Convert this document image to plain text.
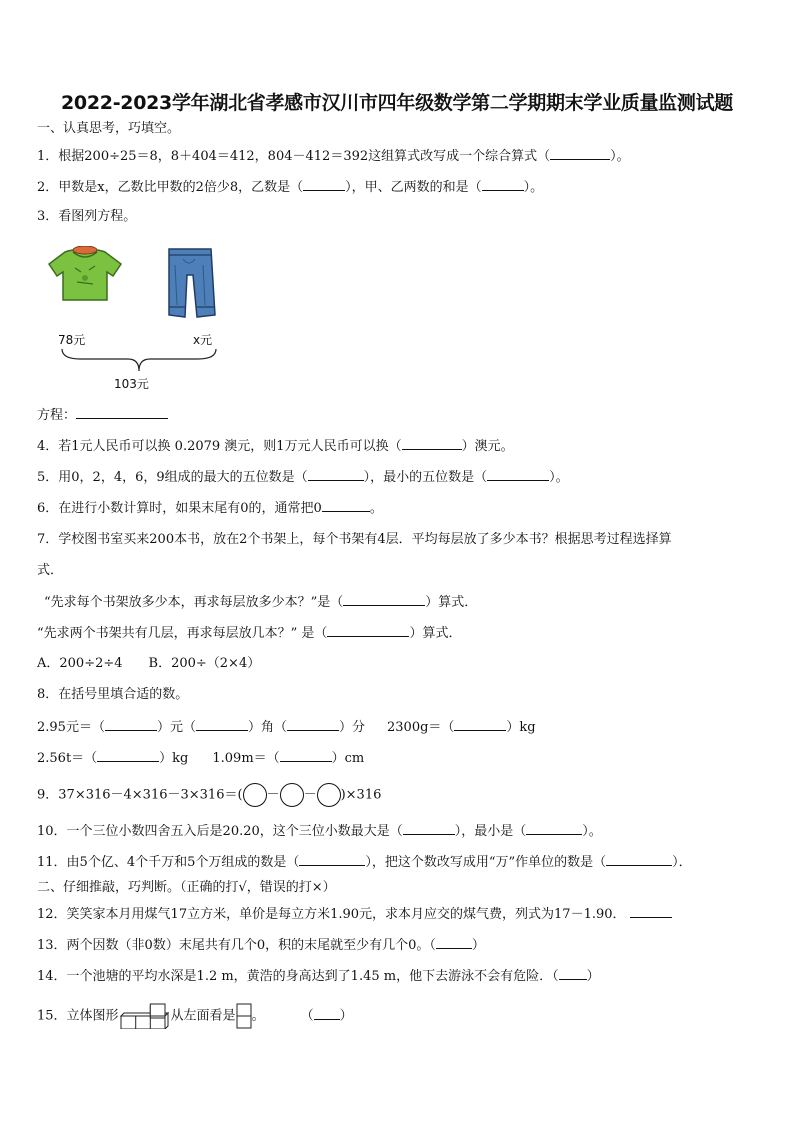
2022-2023学年湖北省孝感市汉川市四年级数学第二学期期末学业质量监测试题
一、认真思考，巧填空。
1．根据200÷25＝8，8＋404＝412，804－412＝392这组算式改写成一个综合算式（	）。
2．甲数是x，乙数比甲数的2倍少8，乙数是（	），甲、乙两数的和是（	）。
3．看图列方程。
78元	x元
103元
方程：
4．若1元人民币可以换 0.2079 澳元，则1万元人民币可以换（	）澳元。
5．用0，2，4，6，9组成的最大的五位数是（	），最小的五位数是（	）。
6．在进行小数计算时，如果末尾有0的，通常把0	。
7．学校图书室买来200本书，放在2个书架上，每个书架有4层．平均每层放了多少本书？根据思考过程选择算
式．
“先求每个书架放多少本，再求每层放多少本？”是（	）算式．
“先求两个书架共有几层，再求每层放几本？” 是（	）算式．
A．200÷2÷4　　B．200÷（2×4）
8．在括号里填合适的数。
2.95元＝（	）元（	）角（	）分 2300g＝（	）kg
2.56t＝（	）kg 1.09m＝（	）cm
9．37×316－4×316－3×316＝( － － )×316
10．一个三位小数四舍五入后是20.20，这个三位小数最大是（	），最小是（	）。
11．由5个亿、4个千万和5个万组成的数是（	），把这个数改写成用“万”作单位的数是（	）．
二、仔细推敲，巧判断。（正确的打√，错误的打×）
12．笑笑家本月用煤气17立方米，单价是每立方米1.90元，求本月应交的煤气费，列式为17－1.90．
13．两个因数（非0数）末尾共有几个0，积的末尾就至少有几个0。（	）
14．一个池塘的平均水深是1.2 m，黄浩的身高达到了1.45 m，他下去游泳不会有危险．（ ）
15．立体图形	从左面看是 。	（ ）
